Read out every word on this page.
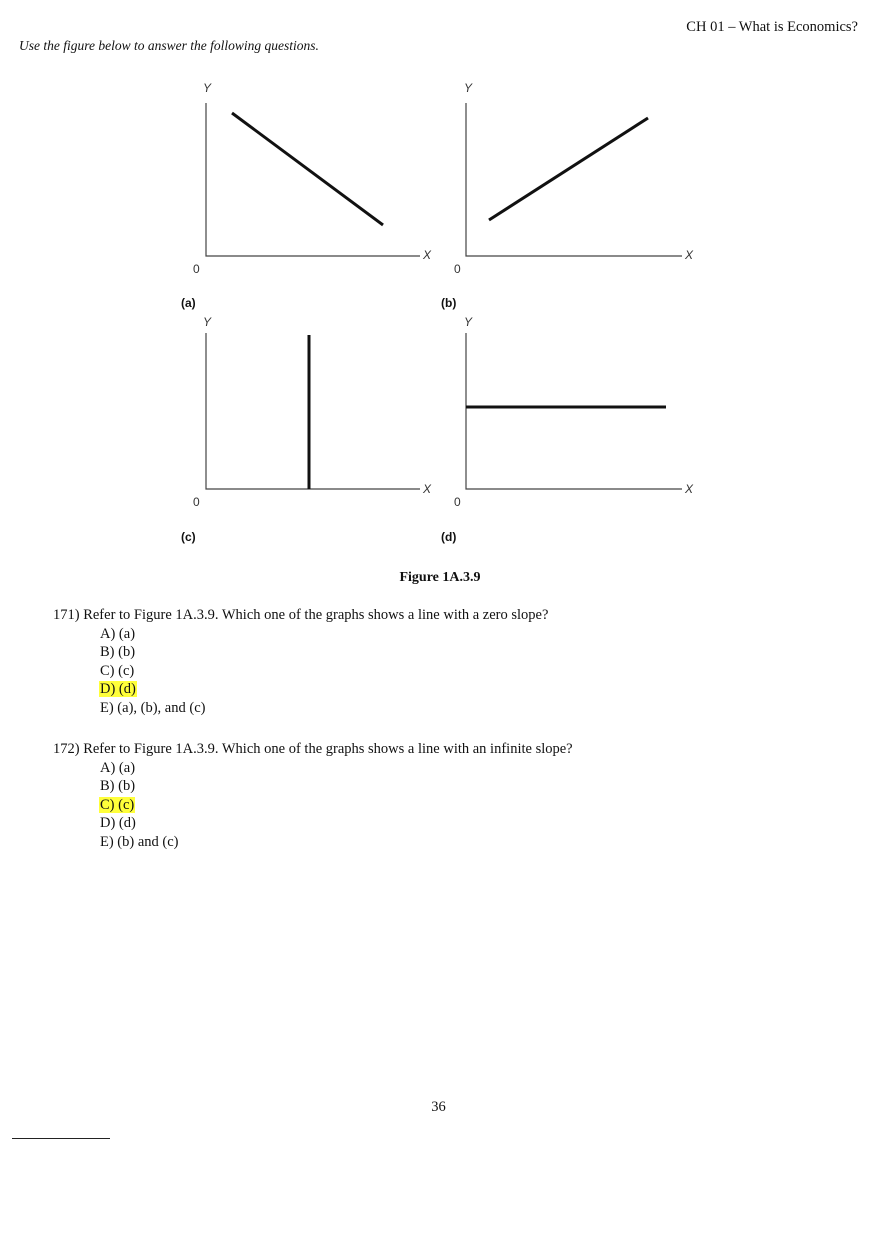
CH 01 – What is Economics?
Use the figure below to answer the following questions.
Y	Y
Y	Y
X	X
X	X
0	0
0	0
(a)	(b)
(c)	(d)
Figure 1A.3.9

171) Refer to Figure 1A.3.9. Which one of the graphs shows a line with a zero slope?

A) (a)
B) (b)
C) (c)
D) (d)
E) (a), (b), and (c)

172) Refer to Figure 1A.3.9. Which one of the graphs shows a line with an infinite slope?

A) (a)
B) (b)
C) (c)
D) (d)
E) (b) and (c)
36
